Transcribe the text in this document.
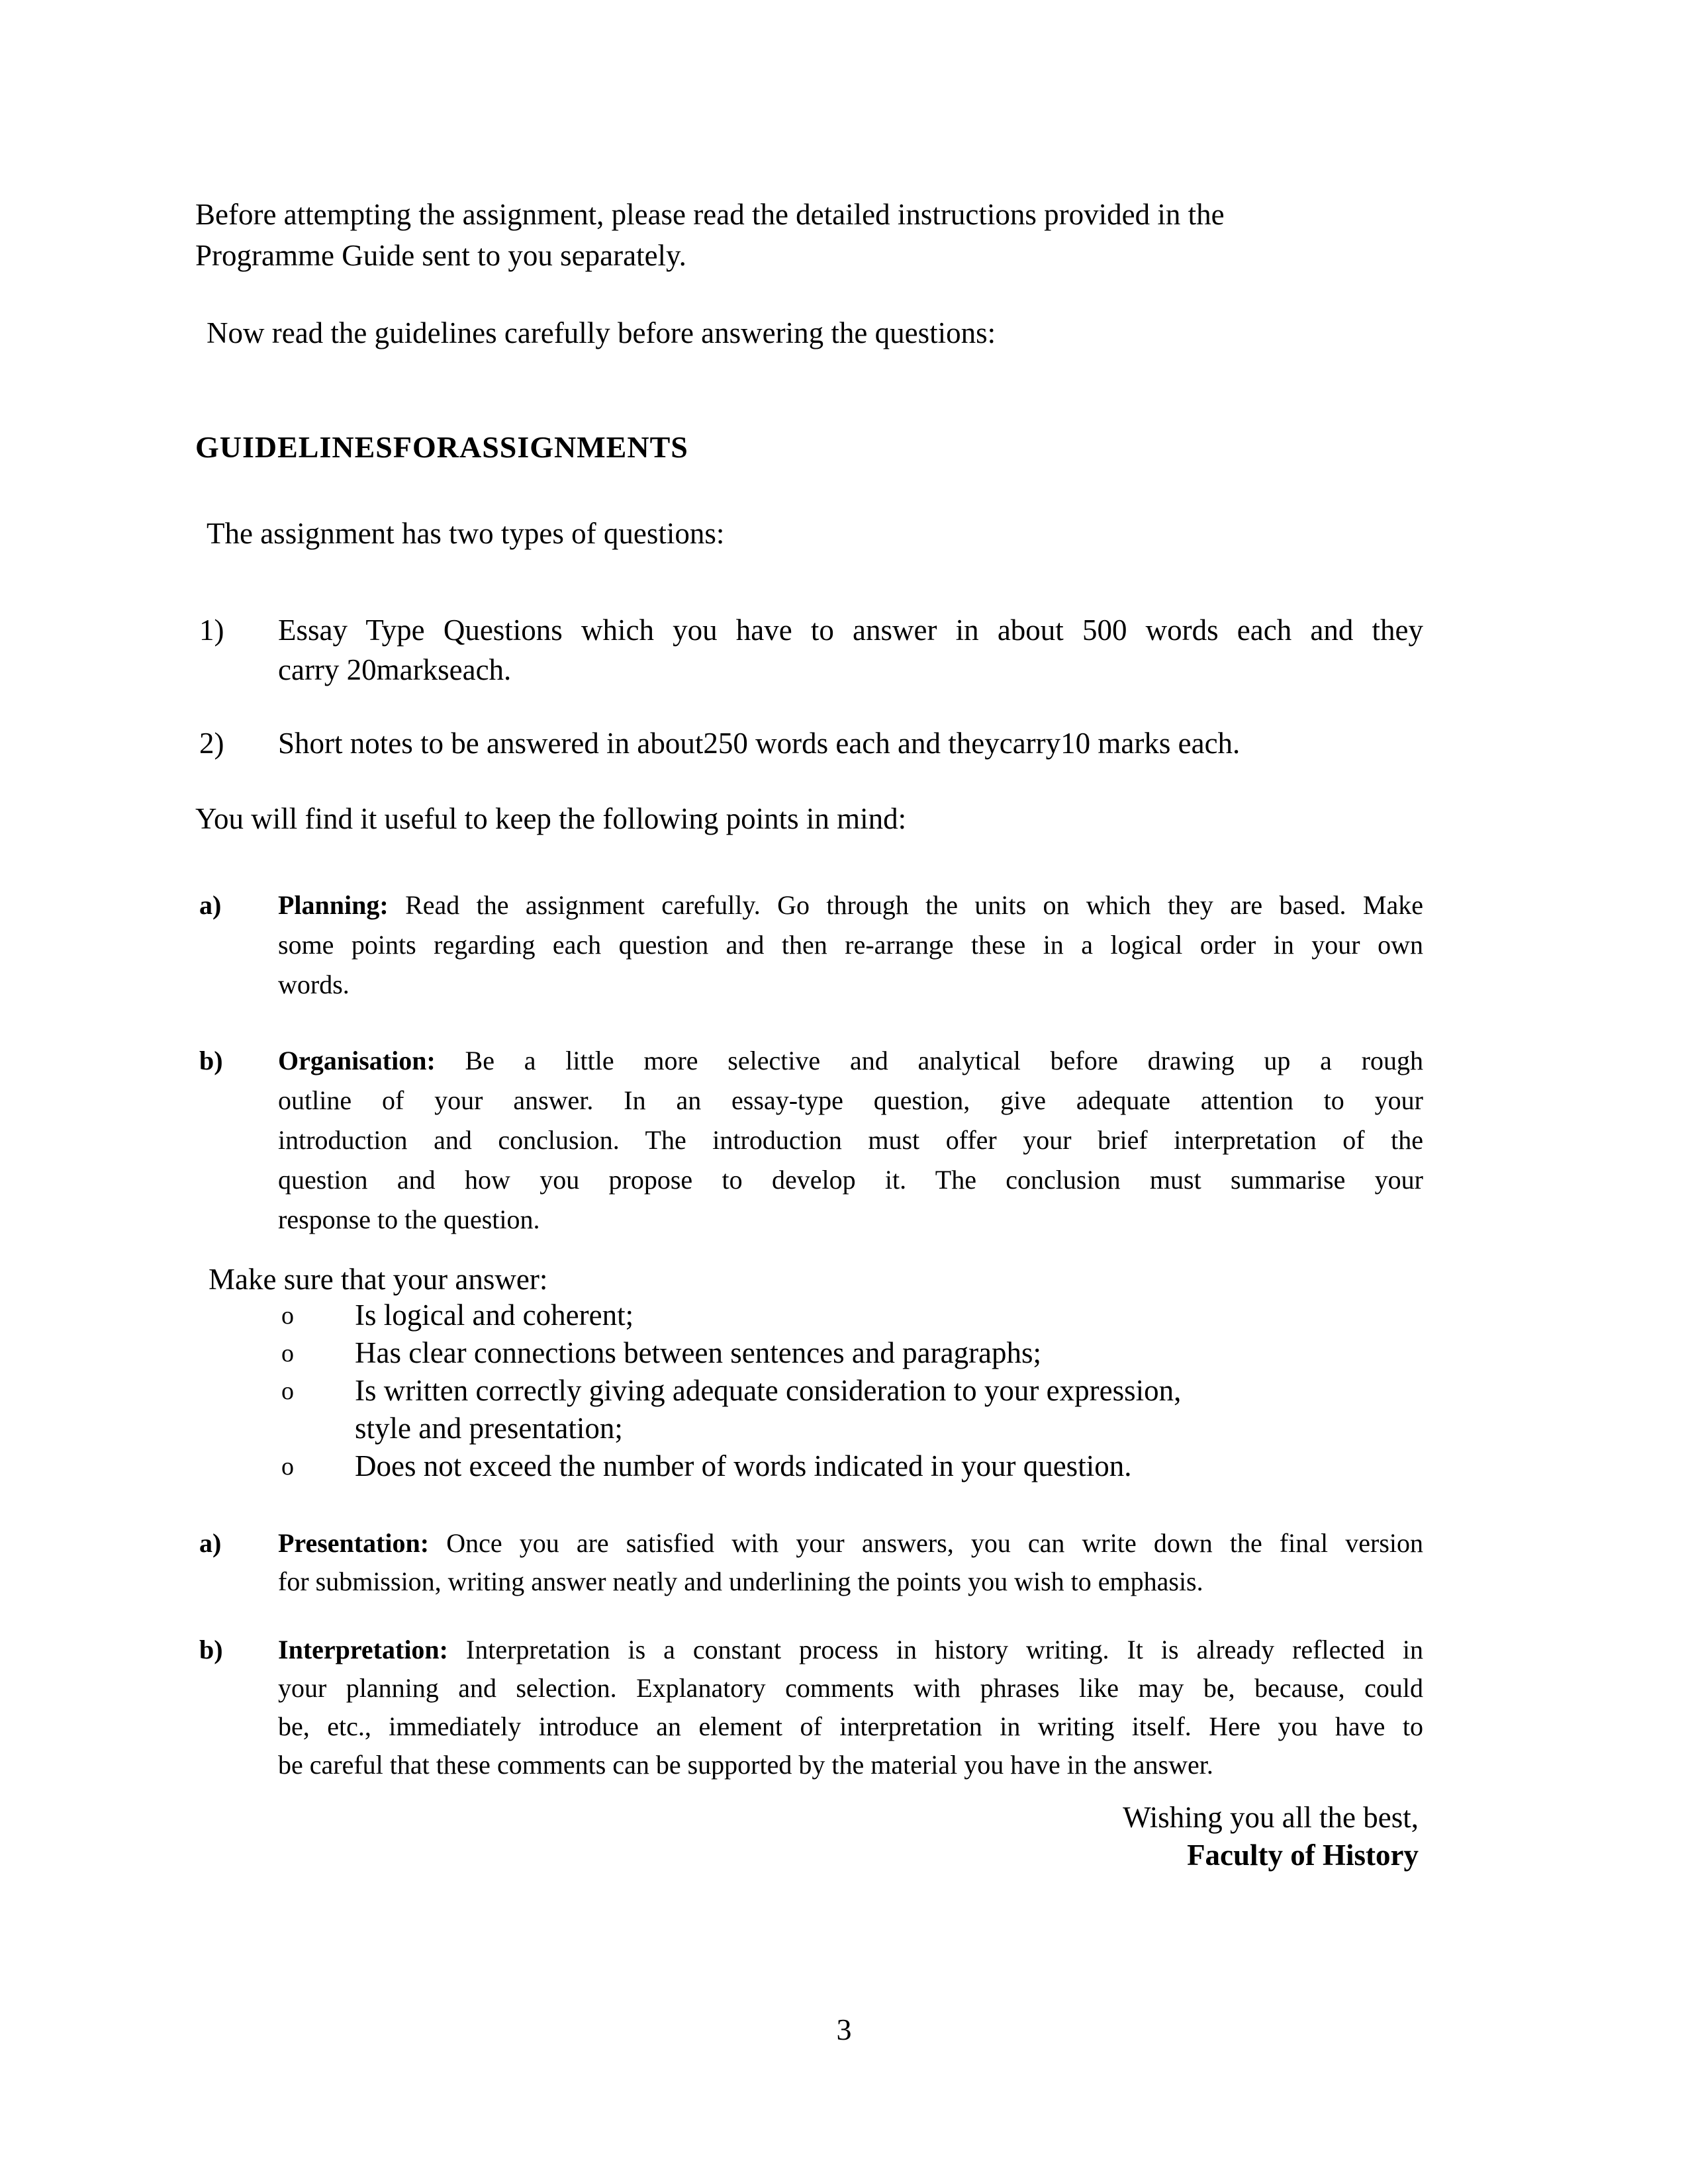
Before attempting the assignment, please read the detailed instructions provided in the
Programme Guide sent to you separately.
Now read the guidelines carefully before answering the questions:
GUIDELINESFORASSIGNMENTS
The assignment has two types of questions:
1) Essay Type Questions which you have to answer in about 500 words each and they
carry 20markseach.
2) Short notes to be answered in about250 words each and theycarry10 marks each.
You will find it useful to keep the following points in mind:
a) Planning: Read the assignment carefully. Go through the units on which they are based. Make
some points regarding each question and then re-arrange these in a logical order in your own
words.
b) Organisation: Be a little more selective and analytical before drawing up a rough
outline of your answer. In an essay-type question, give adequate attention to your
introduction and conclusion. The introduction must offer your brief interpretation of the
question and how you propose to develop it. The conclusion must summarise your
response to the question.
Make sure that your answer:
o Is logical and coherent;
o Has clear connections between sentences and paragraphs;
o Is written correctly giving adequate consideration to your expression,
style and presentation;
o Does not exceed the number of words indicated in your question.
a) Presentation: Once you are satisfied with your answers, you can write down the final version
for submission, writing answer neatly and underlining the points you wish to emphasis.
b) Interpretation: Interpretation is a constant process in history writing. It is already reflected in
your planning and selection. Explanatory comments with phrases like may be, because, could
be, etc., immediately introduce an element of interpretation in writing itself. Here you have to
be careful that these comments can be supported by the material you have in the answer.
Wishing you all the best,
Faculty of History
3
